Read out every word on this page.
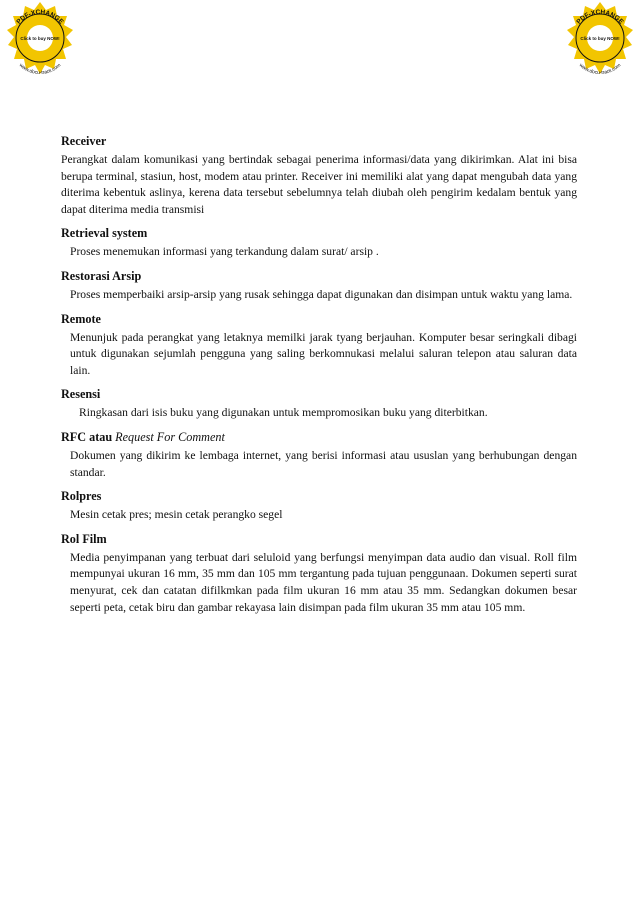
PDF-XCHANGE
Click to buy NOW!
www.docu-track.com
PDF-XCHANGE
Click to buy NOW!
www.docu-track.com

Receiver

Perangkat dalam komunikasi yang bertindak sebagai penerima informasi/data yang dikirimkan. Alat ini bisa berupa terminal, stasiun, host, modem atau printer. Receiver ini memiliki alat yang dapat mengubah data yang diterima kebentuk aslinya, kerena data tersebut sebelumnya telah diubah oleh pengirim kedalam bentuk yang dapat diterima media transmisi

Retrieval system

Proses menemukan informasi yang terkandung dalam surat/ arsip .

Restorasi Arsip

Proses memperbaiki arsip-arsip yang rusak sehingga dapat digunakan dan disimpan untuk waktu yang lama.

Remote

Menunjuk pada perangkat yang letaknya memilki jarak tyang berjauhan. Komputer besar seringkali dibagi untuk digunakan sejumlah pengguna yang saling berkomnukasi melalui saluran telepon atau saluran data lain.

Resensi

Ringkasan dari isis buku yang digunakan untuk mempromosikan buku yang diterbitkan.

RFC atau Request For Comment

Dokumen yang dikirim ke lembaga internet, yang berisi informasi atau ususlan yang berhubungan dengan standar.

Rolpres

Mesin cetak pres; mesin cetak perangko segel

Rol Film

Media penyimpanan yang terbuat dari seluloid yang berfungsi menyimpan data audio dan visual. Roll film mempunyai ukuran 16 mm, 35 mm dan 105 mm tergantung pada tujuan penggunaan. Dokumen seperti surat menyurat, cek dan catatan difilkmkan pada film ukuran 16 mm atau 35 mm. Sedangkan dokumen besar seperti peta, cetak biru dan gambar rekayasa lain disimpan pada film ukuran 35 mm atau 105 mm.
